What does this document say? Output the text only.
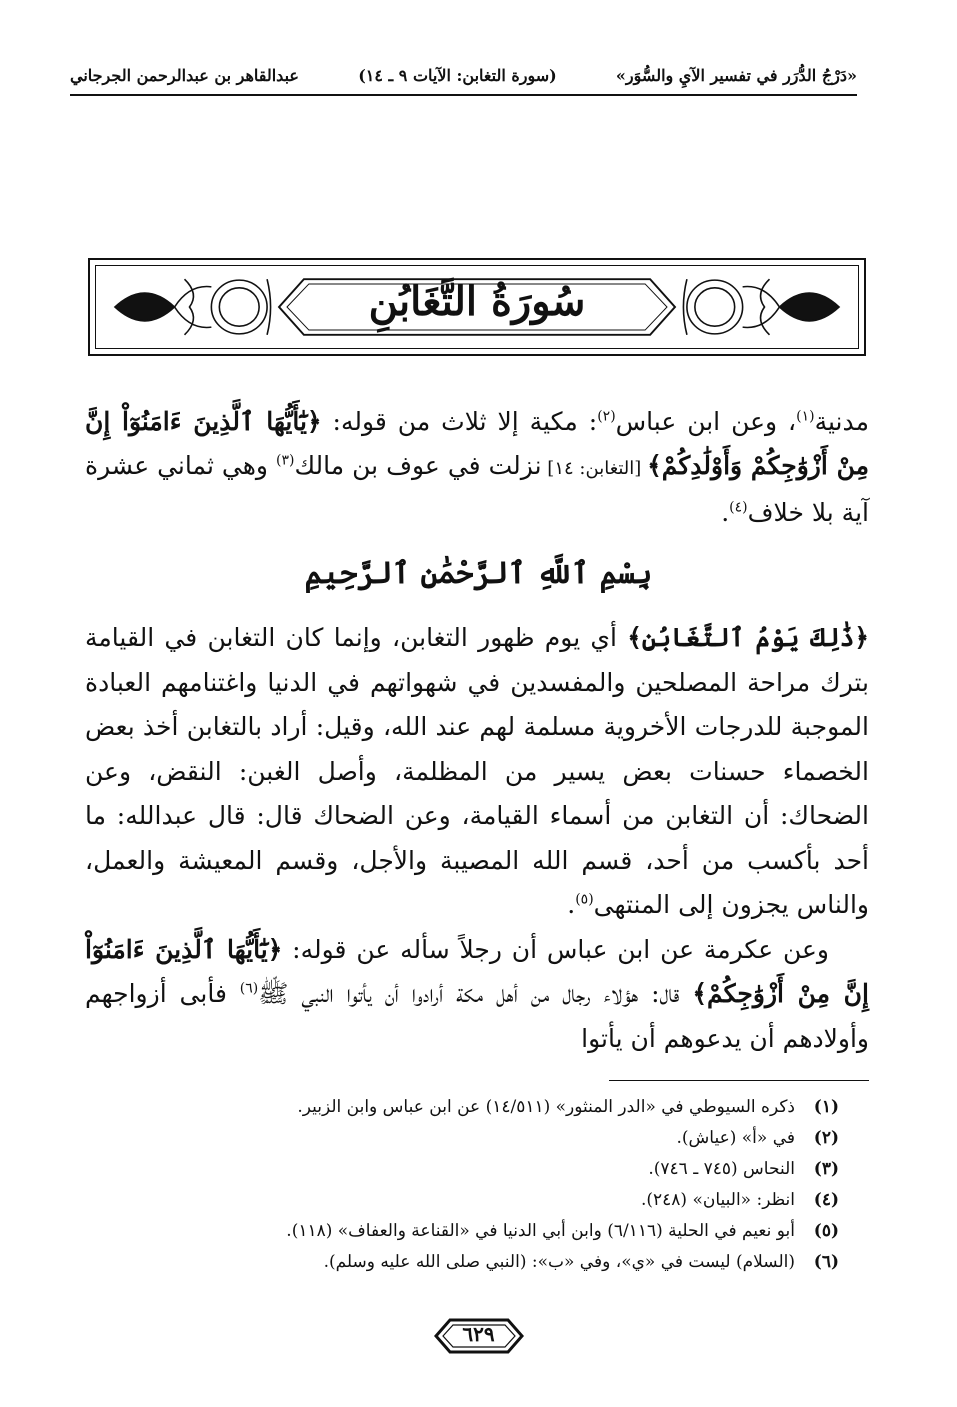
«دَرْجُ الدُّرَر في تفسير الآيِ والسُّوَر»
(سورة التغابن: الآيات ٩ ـ ١٤)
عبدالقاهر بن عبدالرحمن الجرجاني
سُورَةُ التَّغَابُنِ
مدنية$^{(١)}$، وعن ابن عباس$^{(٢)}$: مكية إلا ثلاث من قوله: ﴿يَٰٓأَيُّهَا ٱلَّذِينَ ءَامَنُوٓاْ إِنَّ مِنْ أَزْوَٰجِكُمْ وَأَوْلَٰدِكُمْ﴾ [التغابن: ١٤] نزلت في عوف بن مالك$^{(٣)}$ وهي ثماني عشرة آية بلا خلاف$^{(٤)}$.
بِسْمِ ٱللَّهِ ٱلرَّحْمَٰنِ ٱلرَّحِيمِ

﴿ذَٰلِكَ يَوْمُ ٱلتَّغَابُنِ﴾ أي يوم ظهور التغابن، وإنما كان التغابن في القيامة بترك مراحة المصلحين والمفسدين في شهواتهم في الدنيا واغتنامهم العبادة الموجبة للدرجات الأخروية مسلمة لهم عند الله، وقيل: أراد بالتغابن أخذ بعض الخصماء حسنات بعض يسير من المظلمة، وأصل الغبن: النقض، وعن الضحاك: أن التغابن من أسماء القيامة، وعن الضحاك قال: قال عبدالله: ما أحد بأكسب من أحد، قسم الله المصيبة والأجل، وقسم المعيشة والعمل، والناس يجزون إلى المنتهى$^{(٥)}$.

وعن عكرمة عن ابن عباس أن رجلاً سأله عن قوله: ﴿يَٰٓأَيُّهَا ٱلَّذِينَ ءَامَنُوٓاْ إِنَّ مِنْ أَزْوَٰجِكُمْ﴾ قال: هؤلاء رجال من أهل مكة أرادوا أن يأتوا النبي ﷺ$^{(٦)}$ فأبى أزواجهم وأولادهم أن يدعوهم أن يأتوا

(١)
ذكره السيوطي في «الدر المنثور» (١٤/٥١١) عن ابن عباس وابن الزبير.
(٢)
في «أ» (عياش).
(٣)
النحاس (٧٤٥ ـ ٧٤٦).
(٤)
انظر: «البيان» (٢٤٨).
(٥)
أبو نعيم في الحلية (٦/١١٦) وابن أبي الدنيا في «القناعة والعفاف» (١١٨).
(٦)
(السلام) ليست في «ي»، وفي «ب»: (النبي صلى الله عليه وسلم).
٦٢٩
